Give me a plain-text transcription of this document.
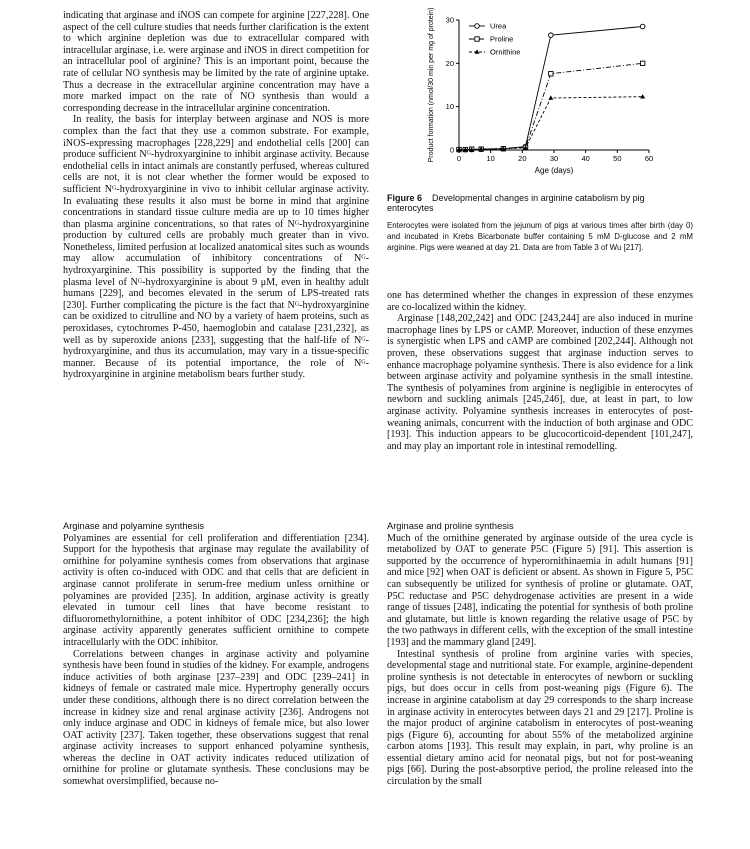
indicating that arginase and iNOS can compete for arginine [227,228]. One aspect of the cell culture studies that needs further clarification is the extent to which arginine depletion was due to extracellular compared with intracellular arginase, i.e. were arginase and iNOS in direct competition for an intracellular pool of arginine? This is an important point, because the rate of cellular NO synthesis may be limited by the rate of arginine uptake. Thus a decrease in the extracellular arginine concentration may have a more marked impact on the rate of NO synthesis than would a corresponding decrease in the intracellular arginine concentration.

In reality, the basis for interplay between arginase and NOS is more complex than the fact that they use a common substrate. For example, iNOS-expressing macrophages [228,229] and endothelial cells [200] can produce sufficient Nᴳ-hydroxyarginine to inhibit arginase activity. Because endothelial cells in intact animals are constantly perfused, whereas cultured cells are not, it is not clear whether the former would be exposed to sufficient Nᴳ-hydroxyarginine in vivo to inhibit cellular arginase activity. In evaluating these results it also must be borne in mind that arginine concentrations in standard tissue culture media are up to 10 times higher than plasma arginine concentrations, so that rates of Nᴳ-hydroxyarginine production by cultured cells are probably much greater than in vivo. Nonetheless, limited perfusion at localized anatomical sites such as wounds may allow accumulation of inhibitory concentrations of Nᴳ-hydroxyarginine. This possibility is supported by the finding that the plasma level of Nᴳ-hydroxyarginine is about 9 μM, even in healthy adult humans [229], and becomes elevated in the serum of LPS-treated rats [230]. Further complicating the picture is the fact that Nᴳ-hydroxyarginine can be oxidized to citrulline and NO by a variety of haem proteins, such as peroxidases, cytochromes P-450, haemoglobin and catalase [231,232], as well as by superoxide anions [233], suggesting that the half-life of Nᴳ-hydroxyarginine, and thus its accumulation, may vary in a tissue-specific manner. Because of its potential importance, the role of Nᴳ-hydroxyarginine in arginine metabolism bears further study.

Arginase and polyamine synthesis

Polyamines are essential for cell proliferation and differentiation [234]. Support for the hypothesis that arginase may regulate the availability of ornithine for polyamine synthesis comes from observations that arginase activity is often co-induced with ODC and that cells that are deficient in arginase cannot proliferate in serum-free medium unless ornithine or polyamines are provided [235]. In addition, arginase activity is greatly elevated in tumour cell lines that have become resistant to difluoromethylornithine, a potent inhibitor of ODC [234,236]; the high arginase activity apparently generates sufficient ornithine to compete intracellularly with the ODC inhibitor.

Correlations between changes in arginase activity and polyamine synthesis have been found in studies of the kidney. For example, androgens induce activities of both arginase [237–239] and ODC [239–241] in kidneys of female or castrated male mice. Hypertrophy generally occurs under these conditions, although there is no direct correlation between the increase in kidney size and renal arginase activity [236]. Androgens not only induce arginase and ODC in kidneys of female mice, but also lower OAT activity [237]. Taken together, these observations suggest that renal arginase activity increases to support enhanced polyamine synthesis, whereas the decline in OAT activity indicates reduced utilization of ornithine for proline or glutamate synthesis. These conclusions may be somewhat oversimplified, because no-

0	10	20	30	40	50	60
0
10
20
30
Urea
Proline
Ornithine
Age (days)
Product formation (nmol/30 min per mg of protein)
Figure 6 Developmental changes in arginine catabolism by pig enterocytes
Enterocytes were isolated from the jejunum of pigs at various times after birth (day 0) and incubated in Krebs Bicarbonate buffer containing 5 mM D-glucose and 2 mM arginine. Pigs were weaned at day 21. Data are from Table 3 of Wu [217].

one has determined whether the changes in expression of these enzymes are co-localized within the kidney.

Arginase [148,202,242] and ODC [243,244] are also induced in murine macrophage lines by LPS or cAMP. Moreover, induction of these enzymes is synergistic when LPS and cAMP are combined [202,244]. Although not proven, these observations suggest that arginase induction serves to enhance macrophage polyamine synthesis. There is also evidence for a link between arginase activity and polyamine synthesis in the small intestine. The synthesis of polyamines from arginine is negligible in enterocytes of newborn and suckling animals [245,246], due, at least in part, to low arginase activity. Polyamine synthesis increases in enterocytes of post-weaning animals, concurrent with the induction of both arginase and ODC [193]. This induction appears to be glucocorticoid-dependent [101,247], and may play an important role in intestinal remodelling.

Arginase and proline synthesis

Much of the ornithine generated by arginase outside of the urea cycle is metabolized by OAT to generate P5C (Figure 5) [91]. This assertion is supported by the occurrence of hyperornithinaemia in adult humans [91] and mice [92] when OAT is deficient or absent. As shown in Figure 5, P5C can subsequently be utilized for synthesis of proline or glutamate. OAT, P5C reductase and P5C dehydrogenase activities are present in a wide range of tissues [248], indicating the potential for synthesis of both proline and glutamate, but little is known regarding the relative usage of P5C by the two pathways in different cells, with the exception of the small intestine [193] and the mammary gland [249].

Intestinal synthesis of proline from arginine varies with species, developmental stage and nutritional state. For example, arginine-dependent proline synthesis is not detectable in enterocytes of newborn or suckling pigs, but does occur in cells from post-weaning pigs (Figure 6). The increase in arginine catabolism at day 29 corresponds to the sharp increase in arginase activity in enterocytes between days 21 and 29 [217]. Proline is the major product of arginine catabolism in enterocytes of post-weaning pigs (Figure 6), accounting for about 55% of the metabolized arginine carbon atoms [193]. This result may explain, in part, why proline is an essential dietary amino acid for neonatal pigs, but not for post-weaning pigs [66]. During the post-absorptive period, the proline released into the circulation by the small
